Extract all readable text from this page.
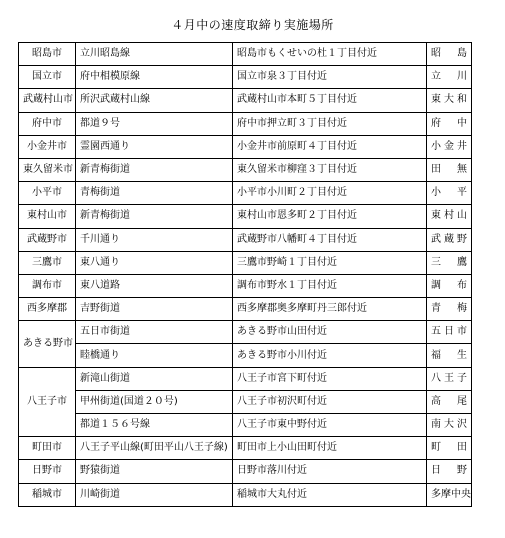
４月中の速度取締り実施場所
昭島市	立川昭島線	昭島市もくせいの杜１丁目付近	昭　島
国立市	府中相模原線	国立市泉３丁目付近	立　川
武蔵村山市	所沢武蔵村山線	武蔵村山市本町５丁目付近	東大和
府中市	都道９号	府中市押立町３丁目付近	府　中
小金井市	霊園西通り	小金井市前原町４丁目付近	小金井
東久留米市	新青梅街道	東久留米市柳窪３丁目付近	田　無
小平市	青梅街道	小平市小川町２丁目付近	小　平
東村山市	新青梅街道	東村山市恩多町２丁目付近	東村山
武蔵野市	千川通り	武蔵野市八幡町４丁目付近	武蔵野
三鷹市	東八通り	三鷹市野崎１丁目付近	三　鷹
調布市	東八道路	調布市野水１丁目付近	調　布
西多摩郡	吉野街道	西多摩郡奥多摩町丹三郎付近	青　梅
あきる野市	五日市街道	あきる野市山田付近	五日市
	睦橋通り	あきる野市小川付近	福　生
八王子市	新滝山街道	八王子市宮下町付近	八王子
	甲州街道(国道２０号)	八王子市初沢町付近	高　尾
	都道１５６号線	八王子市東中野付近	南大沢
町田市	八王子平山線(町田平山八王子線)	町田市上小山田町付近	町　田
日野市	野猿街道	日野市落川付近	日　野
稲城市	川崎街道	稲城市大丸付近	多摩中央
